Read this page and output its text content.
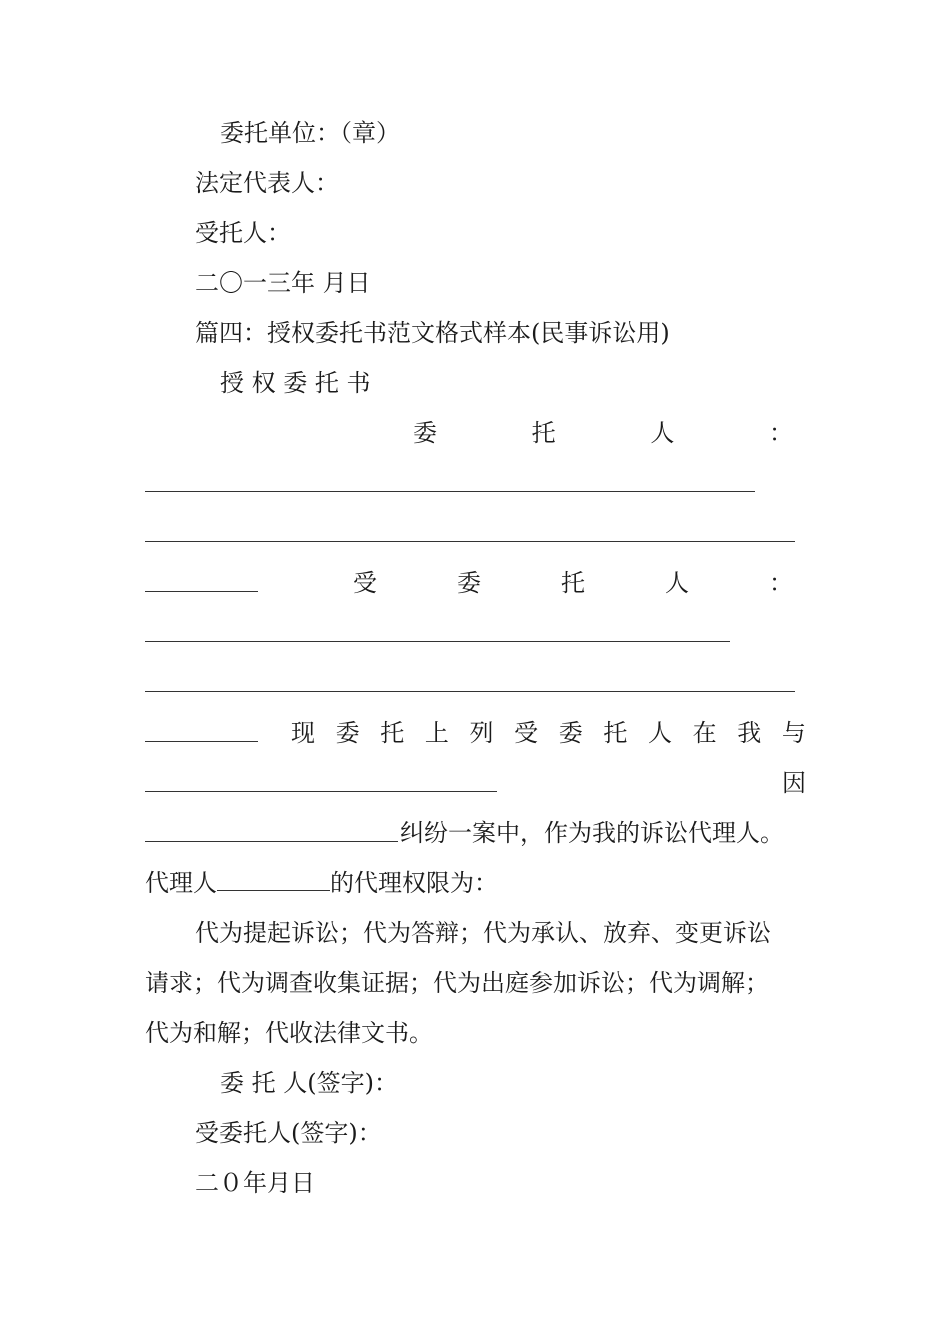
委托单位：（章）

法定代表人：

受托人：

二〇一三年 月日

篇四：授权委托书范文格式样本(民事诉讼用)

授 权 委 托 书

委	托	人	：
受	委	托	人	：
现 委 托 上 列 受 委 托 人 在 我 与

因

纠纷一案中，作为我的诉讼代理人。

代理人	的代理权限为：

代为提起诉讼；代为答辩；代为承认、放弃、变更诉讼

请求；代为调查收集证据；代为出庭参加诉讼；代为调解；

代为和解；代收法律文书。

委 托 人(签字)：

受委托人(签字)：

二０年月日
